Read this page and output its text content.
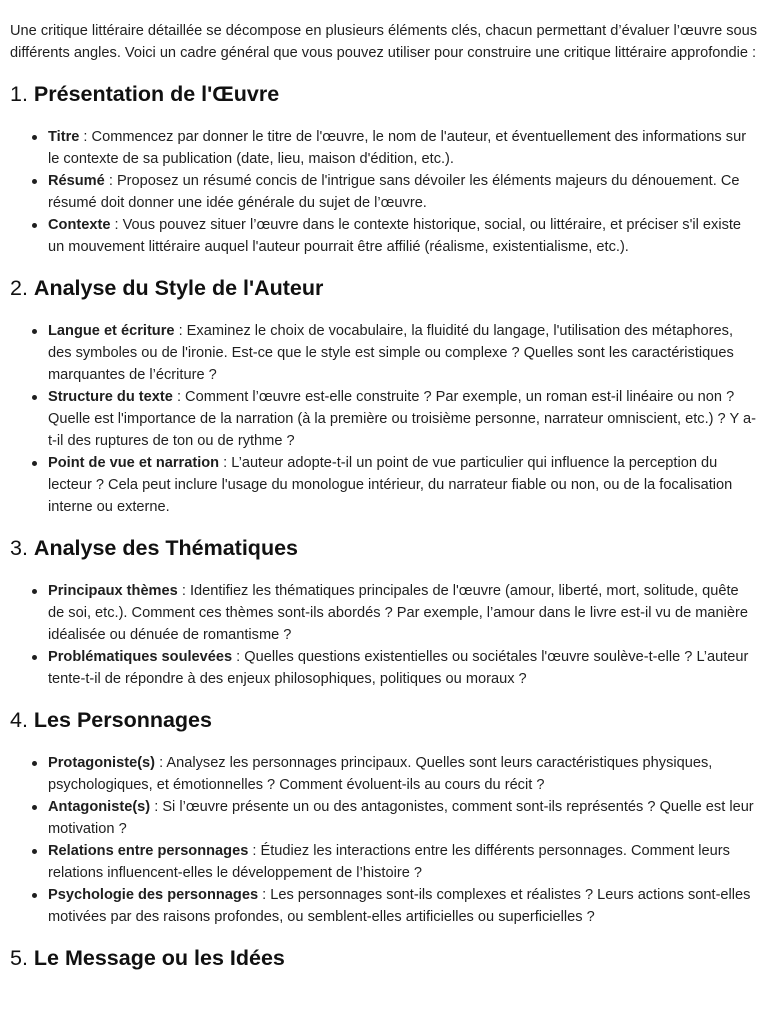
Une critique littéraire détaillée se décompose en plusieurs éléments clés, chacun permettant d’évaluer l’œuvre sous différents angles. Voici un cadre général que vous pouvez utiliser pour construire une critique littéraire approfondie :

1. Présentation de l'Œuvre
Titre : Commencez par donner le titre de l'œuvre, le nom de l'auteur, et éventuellement des informations sur le contexte de sa publication (date, lieu, maison d'édition, etc.).
Résumé : Proposez un résumé concis de l'intrigue sans dévoiler les éléments majeurs du dénouement. Ce résumé doit donner une idée générale du sujet de l’œuvre.
Contexte : Vous pouvez situer l’œuvre dans le contexte historique, social, ou littéraire, et préciser s'il existe un mouvement littéraire auquel l'auteur pourrait être affilié (réalisme, existentialisme, etc.).
2. Analyse du Style de l'Auteur
Langue et écriture : Examinez le choix de vocabulaire, la fluidité du langage, l'utilisation des métaphores, des symboles ou de l'ironie. Est-ce que le style est simple ou complexe ? Quelles sont les caractéristiques marquantes de l’écriture ?
Structure du texte : Comment l’œuvre est-elle construite ? Par exemple, un roman est-il linéaire ou non ? Quelle est l'importance de la narration (à la première ou troisième personne, narrateur omniscient, etc.) ? Y a-t-il des ruptures de ton ou de rythme ?
Point de vue et narration : L’auteur adopte-t-il un point de vue particulier qui influence la perception du lecteur ? Cela peut inclure l'usage du monologue intérieur, du narrateur fiable ou non, ou de la focalisation interne ou externe.
3. Analyse des Thématiques
Principaux thèmes : Identifiez les thématiques principales de l'œuvre (amour, liberté, mort, solitude, quête de soi, etc.). Comment ces thèmes sont-ils abordés ? Par exemple, l’amour dans le livre est-il vu de manière idéalisée ou dénuée de romantisme ?
Problématiques soulevées : Quelles questions existentielles ou sociétales l'œuvre soulève-t-elle ? L’auteur tente-t-il de répondre à des enjeux philosophiques, politiques ou moraux ?
4. Les Personnages
Protagoniste(s) : Analysez les personnages principaux. Quelles sont leurs caractéristiques physiques, psychologiques, et émotionnelles ? Comment évoluent-ils au cours du récit ?
Antagoniste(s) : Si l’œuvre présente un ou des antagonistes, comment sont-ils représentés ? Quelle est leur motivation ?
Relations entre personnages : Étudiez les interactions entre les différents personnages. Comment leurs relations influencent-elles le développement de l’histoire ?
Psychologie des personnages : Les personnages sont-ils complexes et réalistes ? Leurs actions sont-elles motivées par des raisons profondes, ou semblent-elles artificielles ou superficielles ?
5. Le Message ou les Idées
